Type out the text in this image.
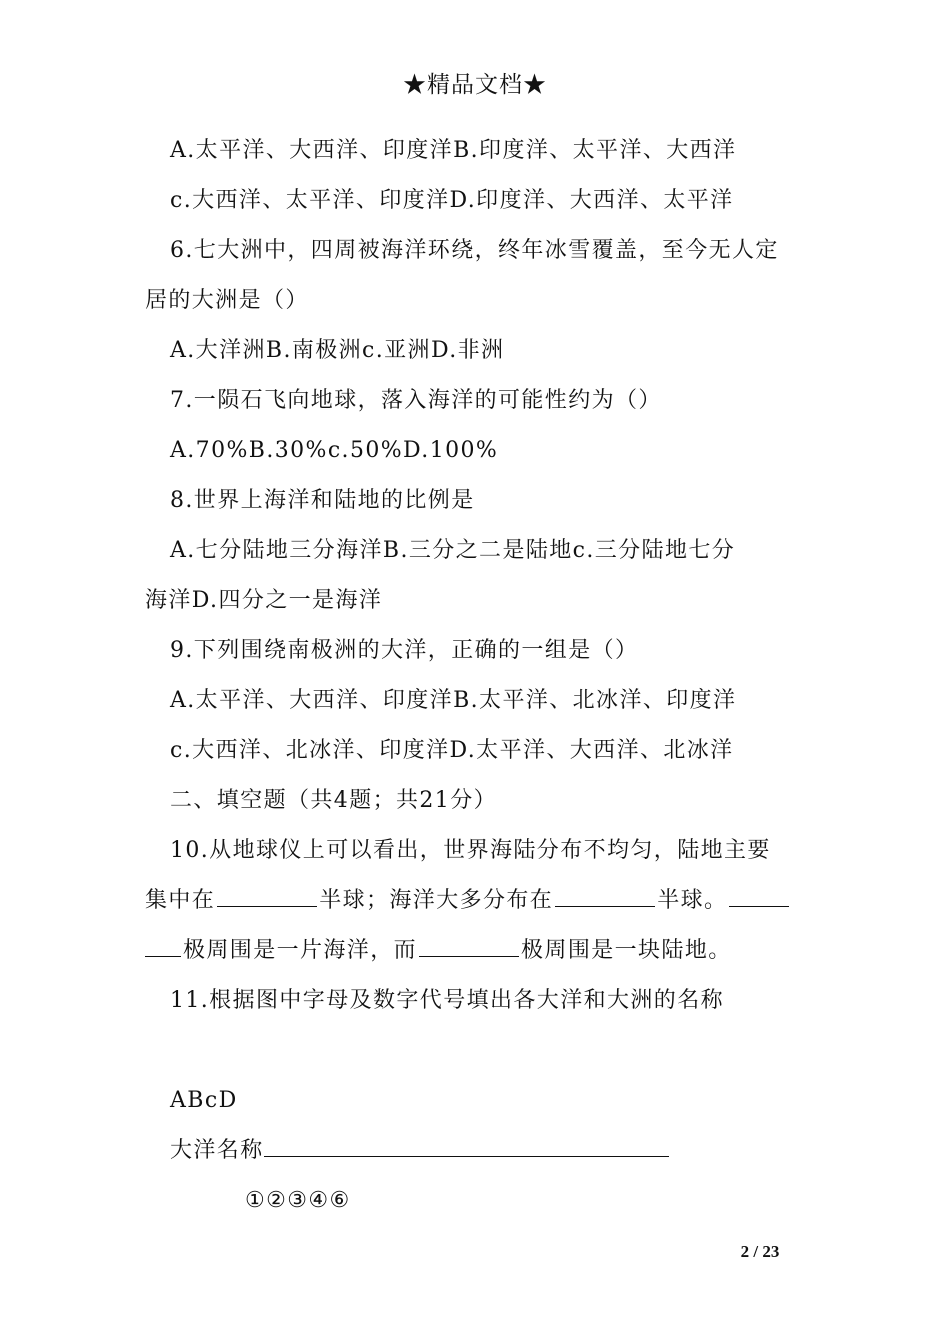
★精品文档★
A.太平洋、大西洋、印度洋B.印度洋、太平洋、大西洋
c.大西洋、太平洋、印度洋D.印度洋、大西洋、太平洋
6.七大洲中，四周被海洋环绕，终年冰雪覆盖，至今无人定
居的大洲是（）
A.大洋洲B.南极洲c.亚洲D.非洲
7.一陨石飞向地球，落入海洋的可能性约为（）
A.70%B.30%c.50%D.100%
8.世界上海洋和陆地的比例是
A.七分陆地三分海洋B.三分之二是陆地c.三分陆地七分
海洋D.四分之一是海洋
9.下列围绕南极洲的大洋，正确的一组是（）
A.太平洋、大西洋、印度洋B.太平洋、北冰洋、印度洋
c.大西洋、北冰洋、印度洋D.太平洋、大西洋、北冰洋
二、填空题（共4题；共21分）
10.从地球仪上可以看出，世界海陆分布不均匀，陆地主要
集中在	半球；海洋大多分布在	半球。
极周围是一片海洋，而	极周围是一块陆地。
11.根据图中字母及数字代号填出各大洋和大洲的名称
ABcD
大洋名称
①②③④⑥
2 / 23
